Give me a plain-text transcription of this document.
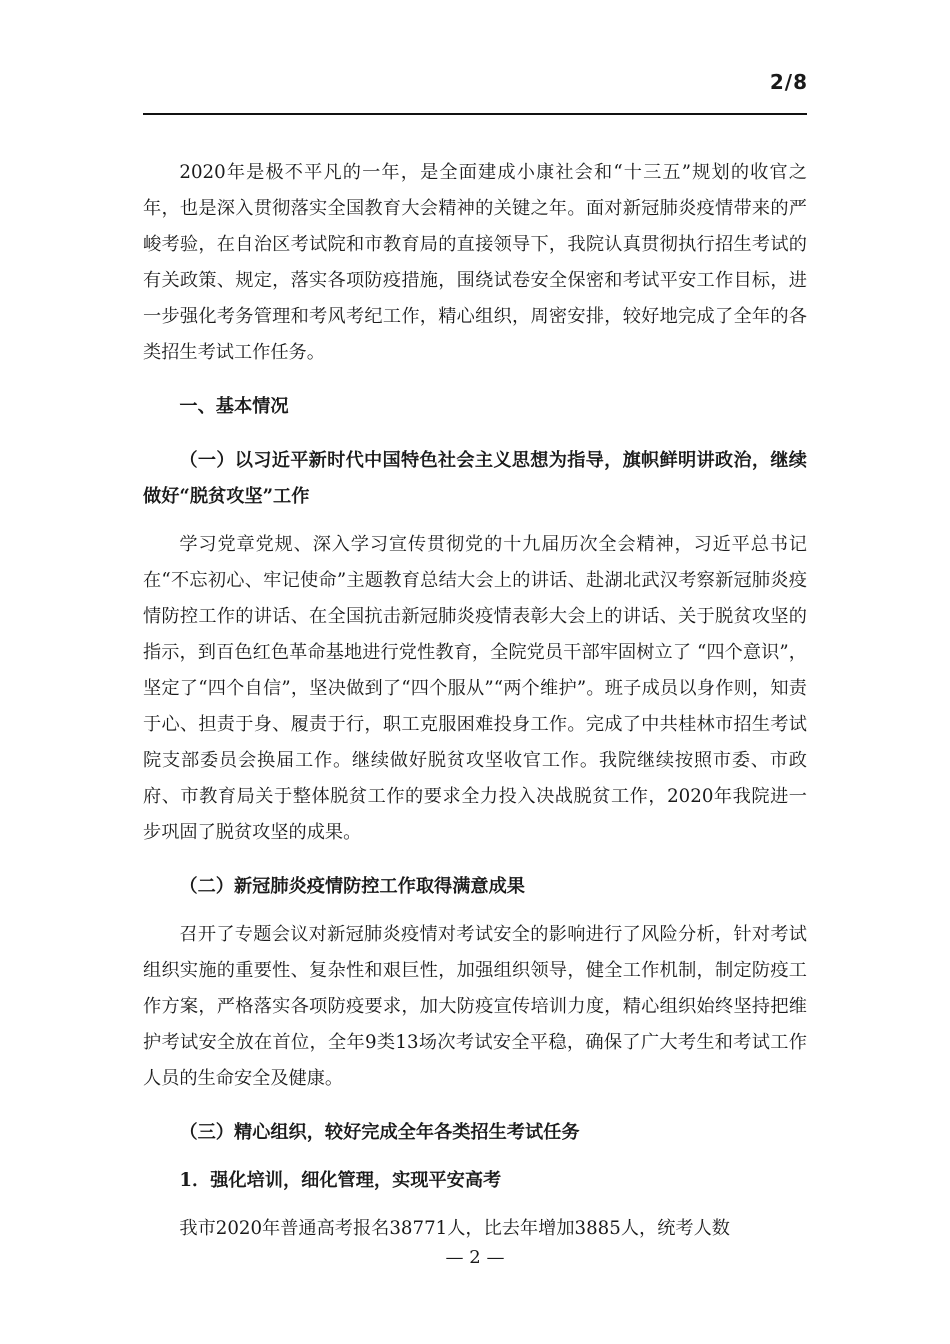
2/8

2020年是极不平凡的一年，是全面建成小康社会和“十三五”规划的收官之年，也是深入贯彻落实全国教育大会精神的关键之年。面对新冠肺炎疫情带来的严峻考验，在自治区考试院和市教育局的直接领导下，我院认真贯彻执行招生考试的有关政策、规定，落实各项防疫措施，围绕试卷安全保密和考试平安工作目标，进一步强化考务管理和考风考纪工作，精心组织，周密安排，较好地完成了全年的各类招生考试工作任务。

一、基本情况

（一）以习近平新时代中国特色社会主义思想为指导，旗帜鲜明讲政治，继续做好“脱贫攻坚”工作

学习党章党规、深入学习宣传贯彻党的十九届历次全会精神，习近平总书记在“不忘初心、牢记使命”主题教育总结大会上的讲话、赴湖北武汉考察新冠肺炎疫情防控工作的讲话、在全国抗击新冠肺炎疫情表彰大会上的讲话、关于脱贫攻坚的指示，到百色红色革命基地进行党性教育，全院党员干部牢固树立了 “四个意识”，坚定了“四个自信”，坚决做到了“四个服从”“两个维护”。班子成员以身作则，知责于心、担责于身、履责于行，职工克服困难投身工作。完成了中共桂林市招生考试院支部委员会换届工作。继续做好脱贫攻坚收官工作。我院继续按照市委、市政府、市教育局关于整体脱贫工作的要求全力投入决战脱贫工作，2020年我院进一步巩固了脱贫攻坚的成果。

（二）新冠肺炎疫情防控工作取得满意成果

召开了专题会议对新冠肺炎疫情对考试安全的影响进行了风险分析，针对考试组织实施的重要性、复杂性和艰巨性，加强组织领导，健全工作机制，制定防疫工作方案，严格落实各项防疫要求，加大防疫宣传培训力度，精心组织始终坚持把维护考试安全放在首位，全年9类13场次考试安全平稳，确保了广大考生和考试工作人员的生命安全及健康。

（三）精心组织，较好完成全年各类招生考试任务

1．强化培训，细化管理，实现平安高考

我市2020年普通高考报名38771人，比去年增加3885人，统考人数

— 2 —
